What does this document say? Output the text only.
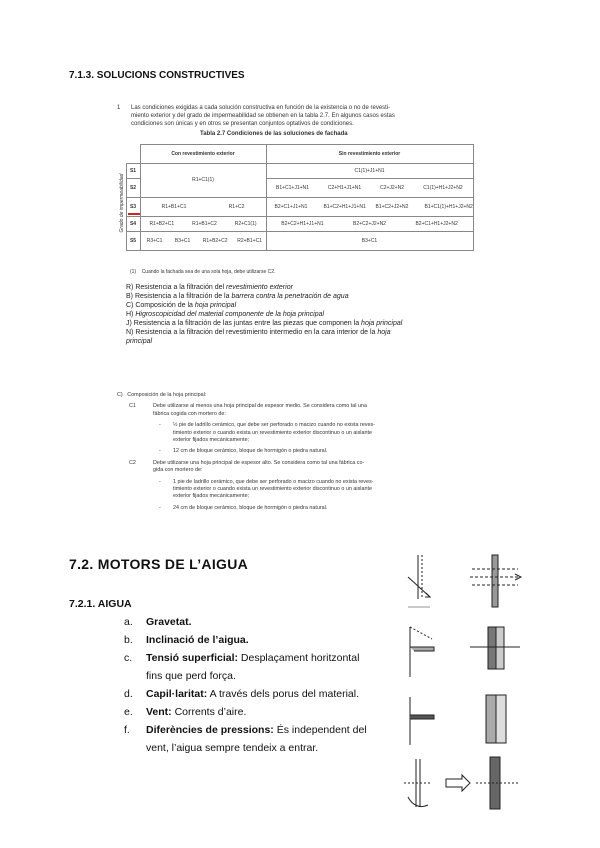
7.1.3. SOLUCIONS CONSTRUCTIVES
1 Las condiciones exigidas a cada solución constructiva en función de la existencia o no de revesti-
miento exterior y del grado de impermeabilidad se obtienen en la tabla 2.7. En algunos casos estas
condiciones son únicas y en otros se presentan conjuntos optativos de condiciones.
Tabla 2.7 Condiciones de las soluciones de fachada
Grado de impermeabilidad		Con revestimiento exterior	Sin revestimiento exterior
	S1	R1+C1(1)	C1(1)+J1+N1
	S2		B1+C1+J1+N1 C2+H1+J1+N1 C2+J2+N2 C1(1)+H1+J2+N2

	S3	R1+B1+C1 R1+C2	B2+C1+J1+N1 B1+C2+H1+J1+N1 B1+C2+J2+N2 B1+C1(1)+H1+J2+N2

	S4	R1+B2+C1 R1+B1+C2 R2+C1(1)	B2+C2+H1+J1+N1 B2+C2+J2+N2 B2+C1+H1+J2+N2

	S5	R3+C1 B3+C1 R1+B2+C2 R2+B1+C1	B3+C1
(1) Cuando la fachada sea de una sola hoja, debe utilizarse C2.
R) Resistencia a la filtración del revestimiento exterior
B) Resistencia a la filtración de la barrera contra la penetración de agua
C) Composición de la hoja principal
H) Higroscopicidad del material componente de la hoja principal
J) Resistencia a la filtración de las juntas entre las piezas que componen la hoja principal
N) Resistencia a la filtración del revestimiento intermedio en la cara interior de la hoja
principal
C) Composición de la hoja principal:
C1	Debe utilizarse al menos una hoja principal de espesor medio. Se considera como tal una
fábrica cogida con mortero de:
-	½ pie de ladrillo cerámico, que debe ser perforado o macizo cuando no exista reves-
timiento exterior o cuando exista un revestimiento exterior discontinuo o un aislante
exterior fijados mecánicamente;
-	12 cm de bloque cerámico, bloque de hormigón o piedra natural.
C2	Debe utilizarse una hoja principal de espesor alto. Se considera como tal una fábrica co-
gida con mortero de:
-	1 pie de ladrillo cerámico, que debe ser perforado o macizo cuando no exista reves-
timiento exterior o cuando exista un revestimiento exterior discontinuo o un aislante
exterior fijados mecánicamente;
-	24 cm de bloque cerámico, bloque de hormigón o piedra natural.
7.2. MOTORS DE L’AIGUA
7.2.1. AIGUA
a.	Gravetat.
b.	Inclinació de l’aigua.
c.	Tensió superficial: Desplaçament horitzontal
fins que perd força.
d.	Capil·laritat: A través dels porus del material.
e.	Vent: Corrents d’aire.
f.	Diferències de pressions: És independent del
vent, l’aigua sempre tendeix a entrar.
